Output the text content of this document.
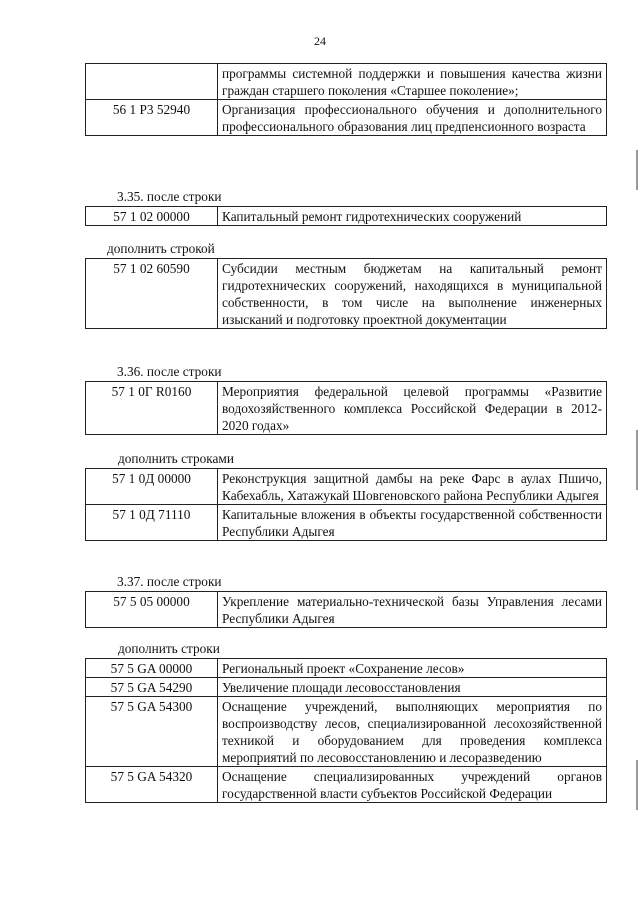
24
	программы системной поддержки и повышения качества жизни граждан старшего поколения «Старшее поколение»;
56 1 P3 52940	Организация профессионального обучения и дополнительного профессионального образования лиц предпенсионного возраста
3.35. после строки
57 1 02 00000	Капитальный ремонт гидротехнических сооружений
дополнить строкой
57 1 02 60590	Субсидии местным бюджетам на капитальный ремонт гидротехнических сооружений, находящихся в муниципальной собственности, в том числе на выполнение инженерных изысканий и подготовку проектной документации
3.36. после строки
57 1 0Г R0160	Мероприятия федеральной целевой программы «Развитие водохозяйственного комплекса Российской Федерации в 2012-2020 годах»
дополнить строками
57 1 0Д 00000	Реконструкция защитной дамбы на реке Фарс в аулах Пшичо, Кабехабль, Хатажукай Шовгеновского района Республики Адыгея
57 1 0Д 71110	Капитальные вложения в объекты государственной собственности Республики Адыгея
3.37. после строки
57 5 05 00000	Укрепление материально-технической базы Управления лесами Республики Адыгея
дополнить строки
57 5 GA 00000	Региональный проект «Сохранение лесов»
57 5 GA 54290	Увеличение площади лесовосстановления
57 5 GA 54300	Оснащение учреждений, выполняющих мероприятия по воспроизводству лесов, специализированной лесохозяйственной техникой и оборудованием для проведения комплекса мероприятий по лесовосстановлению и лесоразведению
57 5 GA 54320	Оснащение специализированных учреждений органов государственной власти субъектов Российской Федерации
